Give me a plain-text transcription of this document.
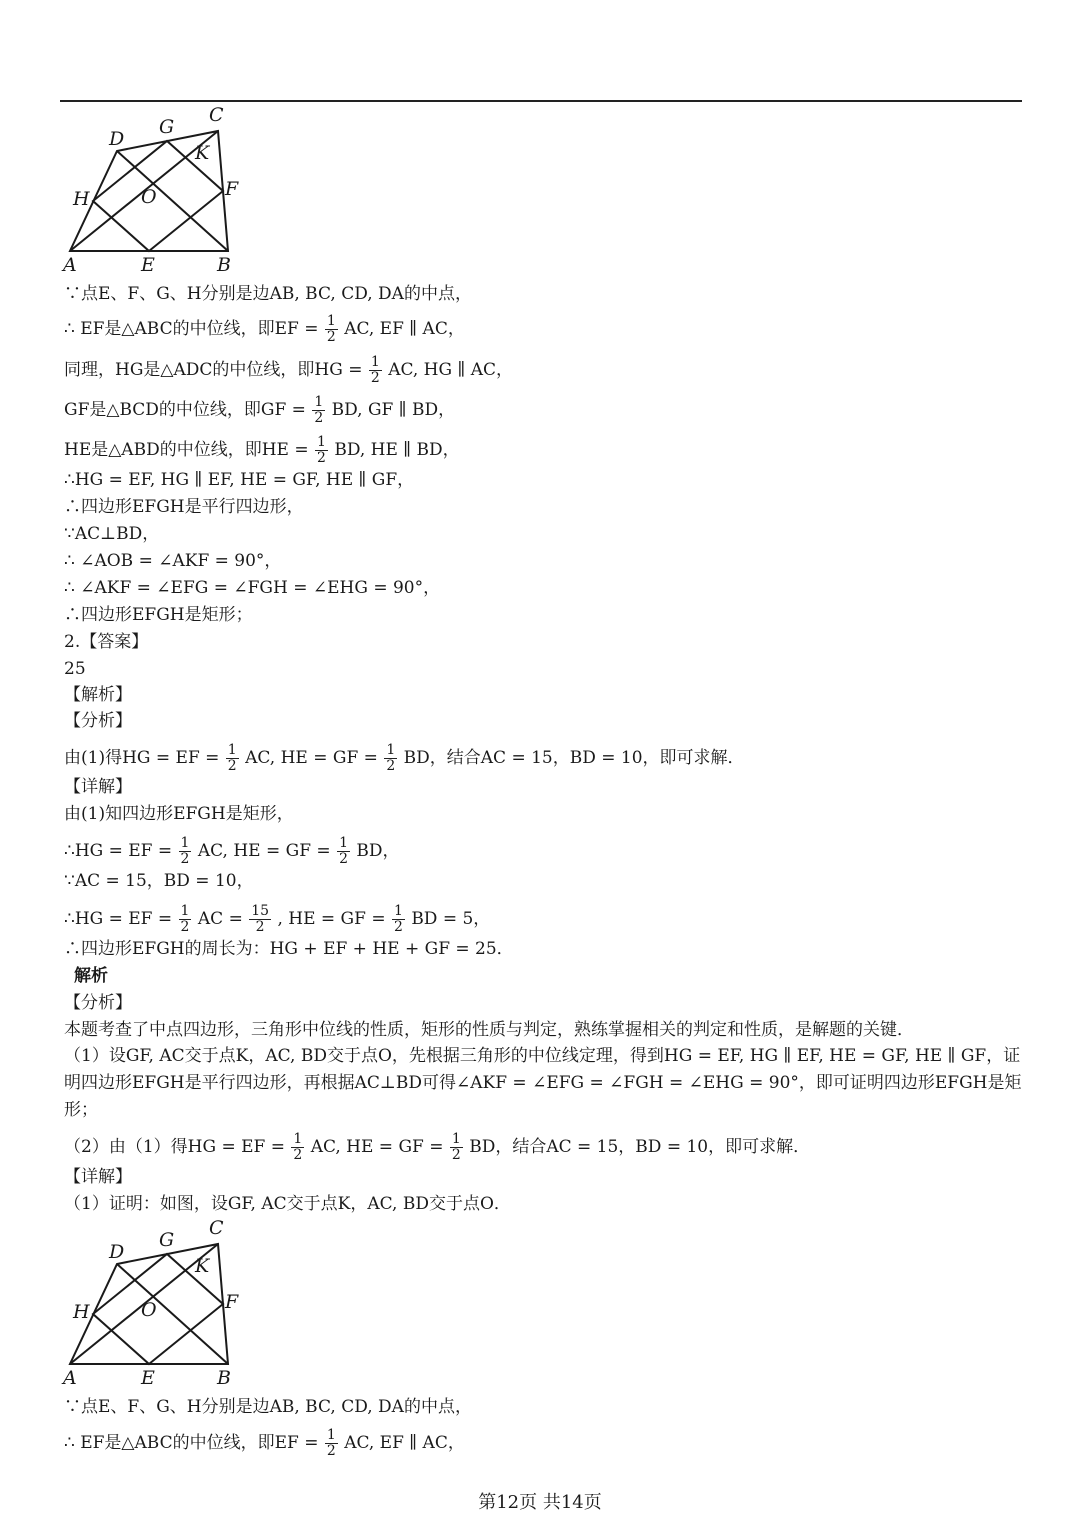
D
G
C
K
H	O	F
A	E	B
∵点E、F、G、H分别是边AB, BC, CD, DA的中点，
∴ EF是△ABC的中位线，即EF = $\frac{1}{2}$ AC, EF ∥ AC，
同理，HG是△ADC的中位线，即HG = $\frac{1}{2}$ AC, HG ∥ AC，
GF是△BCD的中位线，即GF = $\frac{1}{2}$ BD, GF ∥ BD，
HE是△ABD的中位线，即HE = $\frac{1}{2}$ BD, HE ∥ BD，
∴HG = EF, HG ∥ EF, HE = GF, HE ∥ GF，
∴四边形EFGH是平行四边形，
∵AC⊥BD，
∴ ∠AOB = ∠AKF = 90°，
∴ ∠AKF = ∠EFG = ∠FGH = ∠EHG = 90°，
∴四边形EFGH是矩形；
2.【答案】
25
【解析】
【分析】
由(1)得HG = EF = $\frac{1}{2}$ AC, HE = GF = $\frac{1}{2}$ BD，结合AC = 15，BD = 10，即可求解．
【详解】
由(1)知四边形EFGH是矩形，
∴HG = EF = $\frac{1}{2}$ AC, HE = GF = $\frac{1}{2}$ BD，
∵AC = 15，BD = 10，
∴HG = EF = $\frac{1}{2}$ AC = $\frac{15}{2}$ , HE = GF = $\frac{1}{2}$ BD = 5，
∴四边形EFGH的周长为：HG + EF + HE + GF = 25．
解析
【分析】
本题考查了中点四边形，三角形中位线的性质，矩形的性质与判定，熟练掌握相关的判定和性质，是解题的关键．
（1）设GF, AC交于点K，AC, BD交于点O，先根据三角形的中位线定理，得到HG = EF, HG ∥ EF, HE = GF, HE ∥ GF，证明四边形EFGH是平行四边形，再根据AC⊥BD可得∠AKF = ∠EFG = ∠FGH = ∠EHG = 90°，即可证明四边形EFGH是矩形；
（2）由（1）得HG = EF = $\frac{1}{2}$ AC, HE = GF = $\frac{1}{2}$ BD，结合AC = 15，BD = 10，即可求解．
【详解】
（1）证明：如图，设GF, AC交于点K，AC, BD交于点O．
D
G
C
K
H	O	F
A	E	B
∵点E、F、G、H分别是边AB, BC, CD, DA的中点，
∴ EF是△ABC的中位线，即EF = $\frac{1}{2}$ AC, EF ∥ AC，
第12页 共14页
